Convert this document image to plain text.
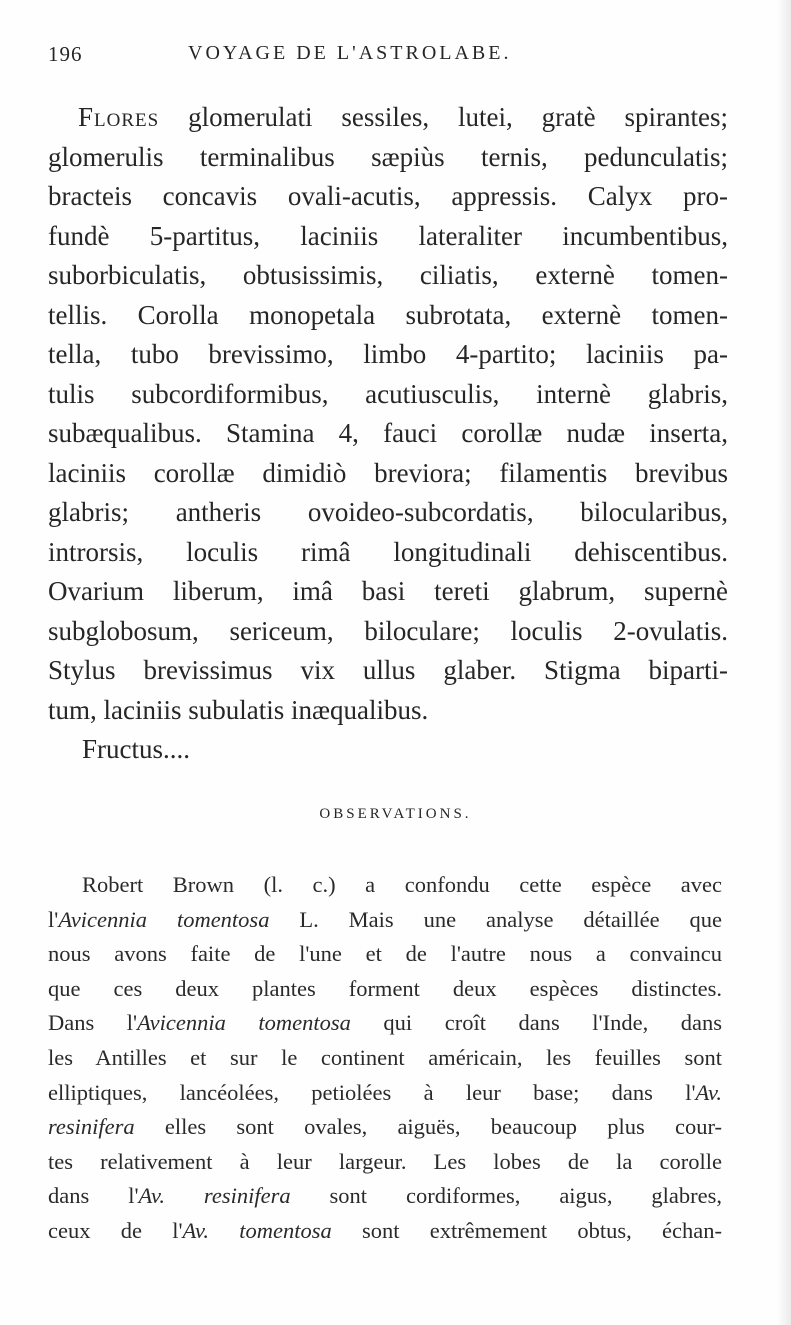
196	VOYAGE DE L'ASTROLABE.
Flores glomerulati sessiles, lutei, gratè spirantes;
glomerulis terminalibus sæpiùs ternis, pedunculatis;
bracteis concavis ovali-acutis, appressis. Calyx pro-
fundè 5-partitus, laciniis lateraliter incumbentibus,
suborbiculatis, obtusissimis, ciliatis, externè tomen-
tellis. Corolla monopetala subrotata, externè tomen-
tella, tubo brevissimo, limbo 4-partito; laciniis pa-
tulis subcordiformibus, acutiusculis, internè glabris,
subæqualibus. Stamina 4, fauci corollæ nudæ inserta,
laciniis corollæ dimidiò breviora; filamentis brevibus
glabris; antheris ovoideo-subcordatis, bilocularibus,
introrsis, loculis rimâ longitudinali dehiscentibus.
Ovarium liberum, imâ basi tereti glabrum, supernè
subglobosum, sericeum, biloculare; loculis 2-ovulatis.
Stylus brevissimus vix ullus glaber. Stigma biparti-
tum, laciniis subulatis inæqualibus.
Fructus....
OBSERVATIONS.
Robert Brown (l. c.) a confondu cette espèce avec
l'Avicennia tomentosa L. Mais une analyse détaillée que
nous avons faite de l'une et de l'autre nous a convaincu
que ces deux plantes forment deux espèces distinctes.
Dans l'Avicennia tomentosa qui croît dans l'Inde, dans
les Antilles et sur le continent américain, les feuilles sont
elliptiques, lancéolées, petiolées à leur base; dans l'Av.
resinifera elles sont ovales, aiguës, beaucoup plus cour-
tes relativement à leur largeur. Les lobes de la corolle
dans l'Av. resinifera sont cordiformes, aigus, glabres,
ceux de l'Av. tomentosa sont extrêmement obtus, échan-
